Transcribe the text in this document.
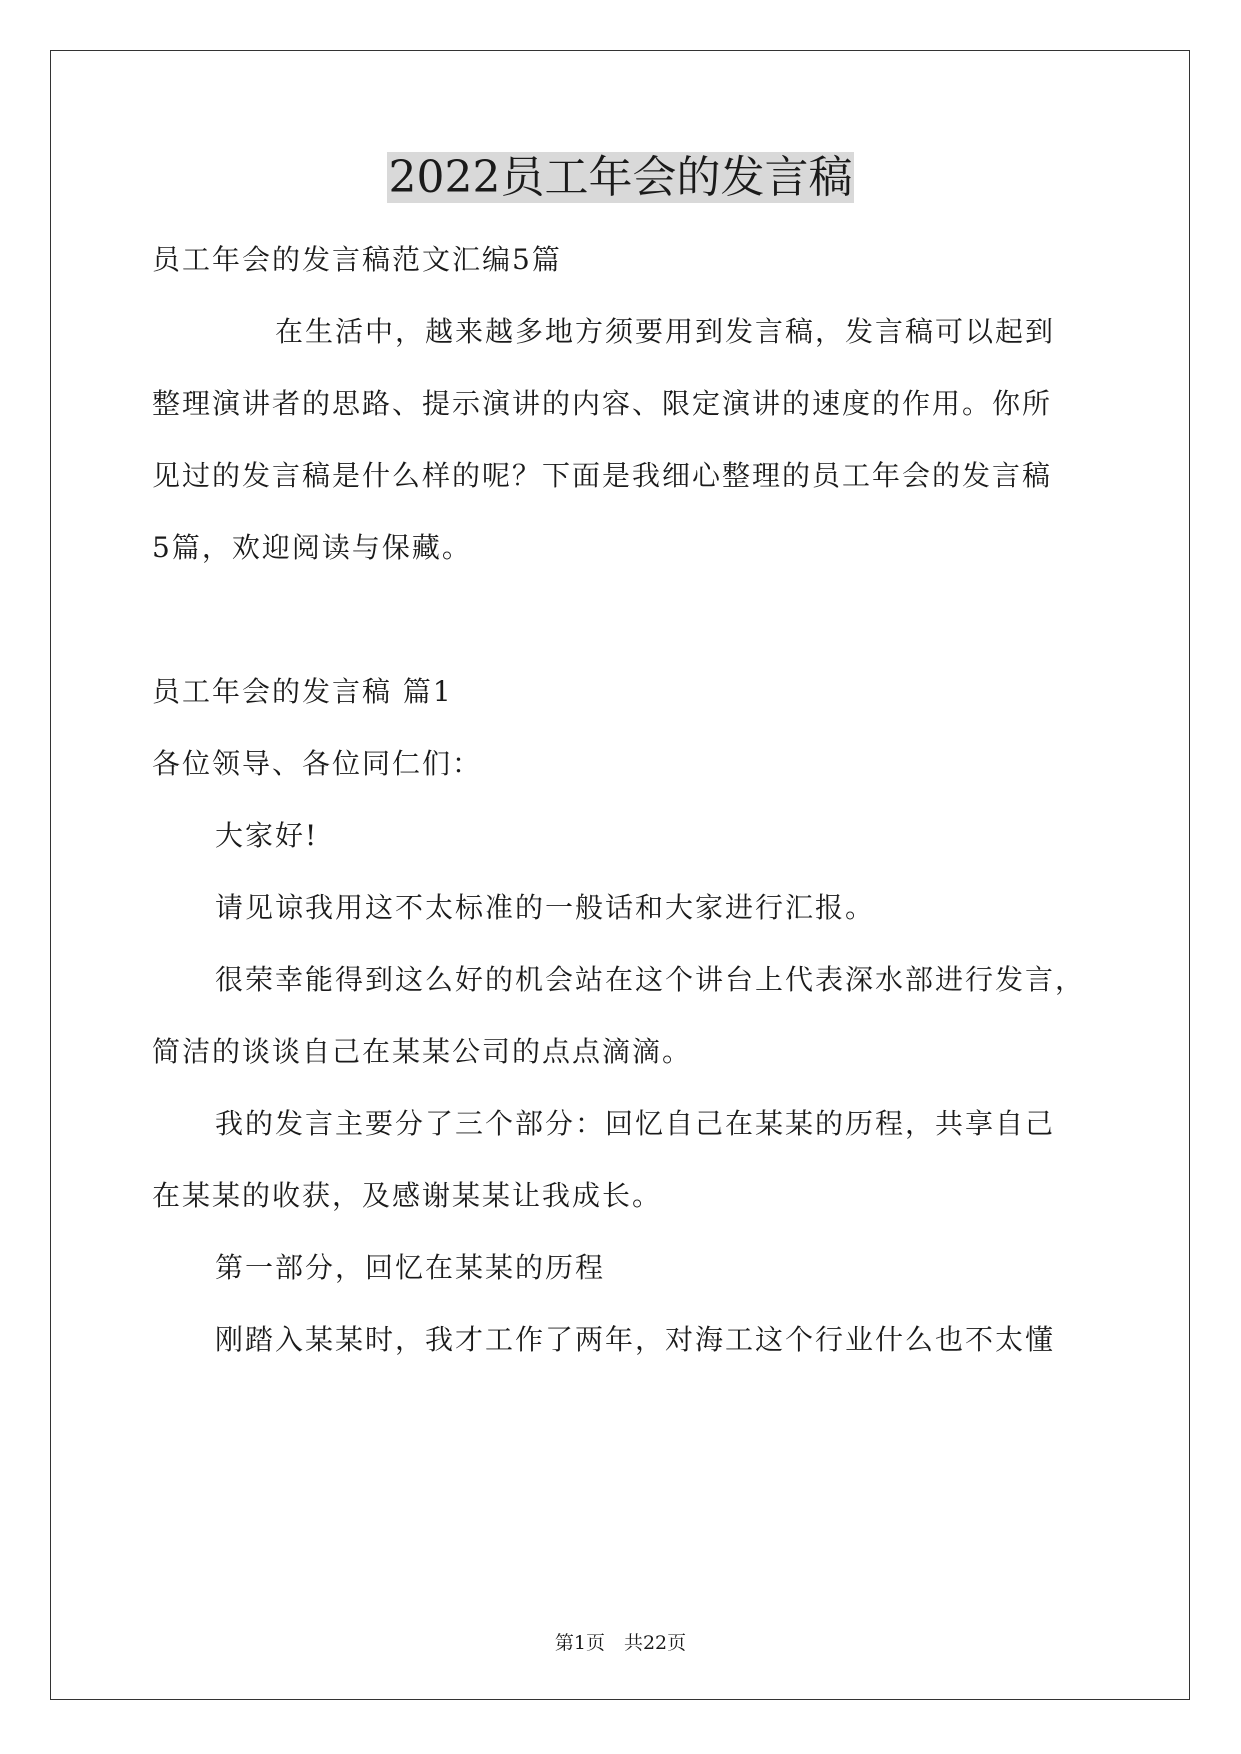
2022员工年会的发言稿
员工年会的发言稿范文汇编5篇
在生活中，越来越多地方须要用到发言稿，发言稿可以起到
整理演讲者的思路、提示演讲的内容、限定演讲的速度的作用。你所
见过的发言稿是什么样的呢？下面是我细心整理的员工年会的发言稿
5篇，欢迎阅读与保藏。
员工年会的发言稿 篇1
各位领导、各位同仁们：
大家好!
请见谅我用这不太标准的一般话和大家进行汇报。
很荣幸能得到这么好的机会站在这个讲台上代表深水部进行发言，
简洁的谈谈自己在某某公司的点点滴滴。
我的发言主要分了三个部分：回忆自己在某某的历程，共享自己
在某某的收获，及感谢某某让我成长。
第一部分，回忆在某某的历程
刚踏入某某时，我才工作了两年，对海工这个行业什么也不太懂
第1页　共22页
